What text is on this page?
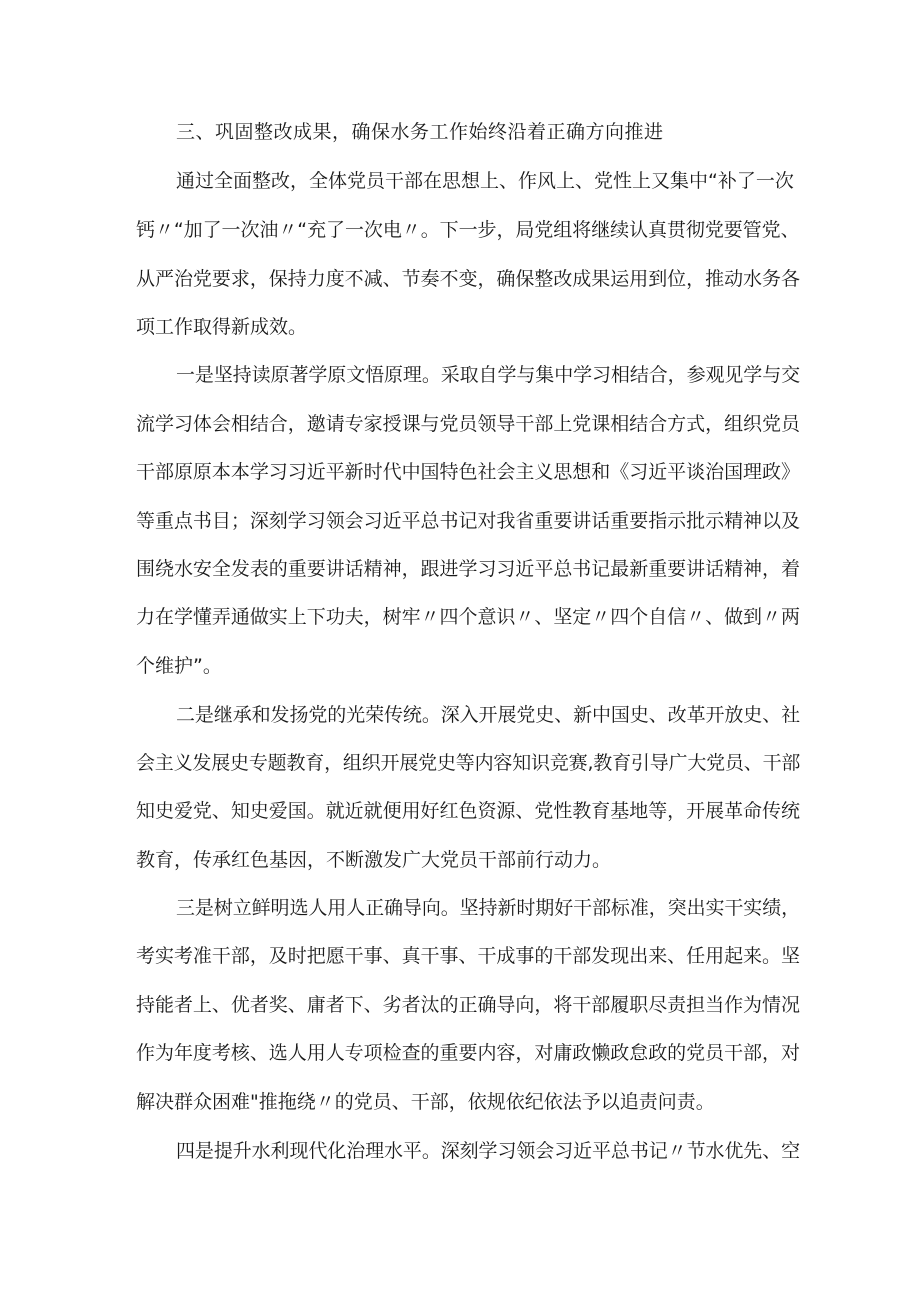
三、巩固整改成果，确保水务工作始终沿着正确方向推进
通过全面整改，全体党员干部在思想上、作风上、党性上又集中“补了一次
钙〃“加了一次油〃“充了一次电〃。下一步，局党组将继续认真贯彻党要管党、
从严治党要求，保持力度不减、节奏不变，确保整改成果运用到位，推动水务各
项工作取得新成效。
一是坚持读原著学原文悟原理。采取自学与集中学习相结合，参观见学与交
流学习体会相结合，邀请专家授课与党员领导干部上党课相结合方式，组织党员
干部原原本本学习习近平新时代中国特色社会主义思想和《习近平谈治国理政》
等重点书目；深刻学习领会习近平总书记对我省重要讲话重要指示批示精神以及
围绕水安全发表的重要讲话精神，跟进学习习近平总书记最新重要讲话精神，着
力在学懂弄通做实上下功夫，树牢〃四个意识〃、坚定〃四个自信〃、做到〃两
个维护”。
二是继承和发扬党的光荣传统。深入开展党史、新中国史、改革开放史、社
会主义发展史专题教育，组织开展党史等内容知识竞赛,教育引导广大党员、干部
知史爱党、知史爱国。就近就便用好红色资源、党性教育基地等，开展革命传统
教育，传承红色基因，不断激发广大党员干部前行动力。
三是树立鲜明选人用人正确导向。坚持新时期好干部标准，突出实干实绩，
考实考准干部，及时把愿干事、真干事、干成事的干部发现出来、任用起来。坚
持能者上、优者奖、庸者下、劣者汰的正确导向，将干部履职尽责担当作为情况
作为年度考核、选人用人专项检查的重要内容，对庸政懒政怠政的党员干部，对
解决群众困难"推拖绕〃的党员、干部，依规依纪依法予以追责问责。
四是提升水利现代化治理水平。深刻学习领会习近平总书记〃节水优先、空
